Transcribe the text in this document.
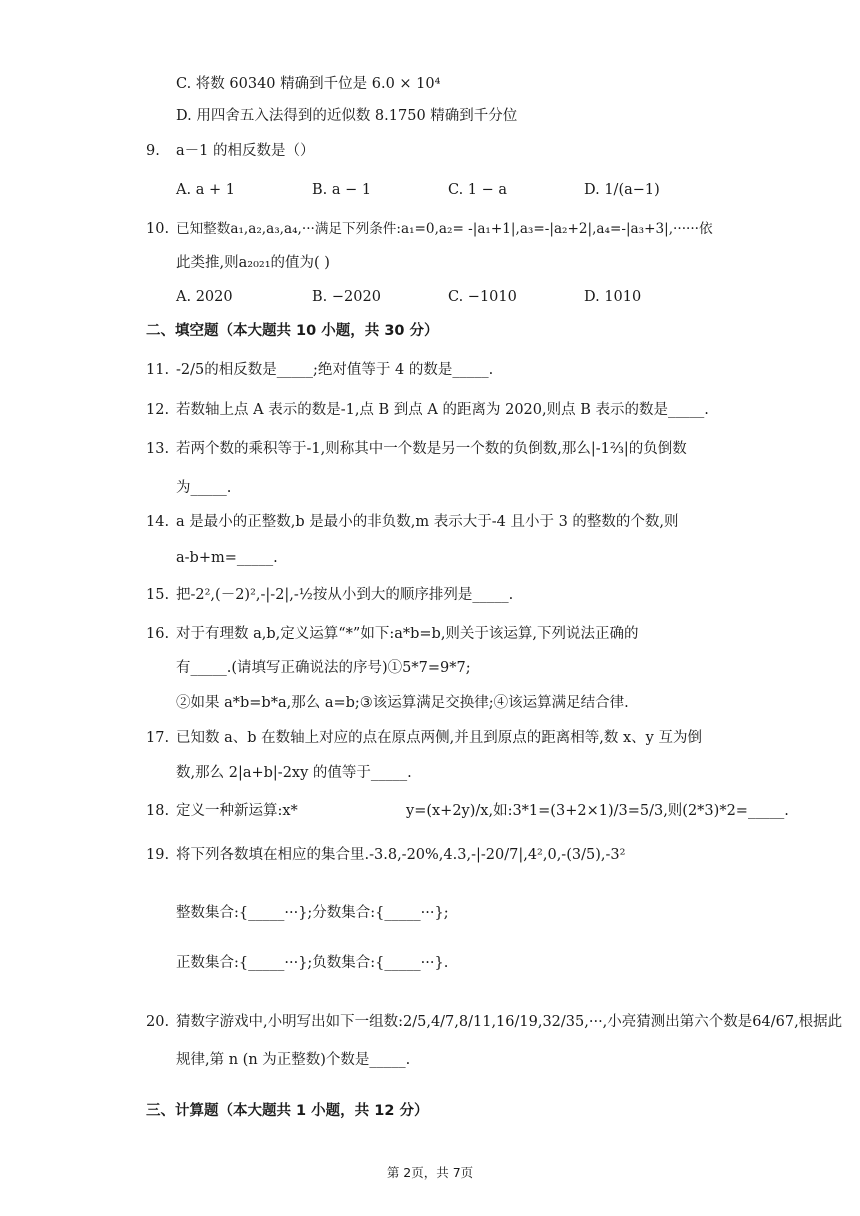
C. 将数 60340 精确到千位是 6.0 × 10⁴
D. 用四舍五入法得到的近似数 8.1750 精确到千分位
9. a－1 的相反数是（）
A. a + 1	B. a − 1	C. 1 − a	D. 1/(a−1)
10. 已知整数a₁,a₂,a₃,a₄,···满足下列条件:a₁=0,a₂= -|a₁+1|,a₃=-|a₂+2|,a₄=-|a₃+3|,······依
此类推,则a₂₀₂₁的值为( )
A. 2020	B. −2020	C. −1010	D. 1010
二、填空题（本大题共 10 小题，共 30 分）
11. -2/5的相反数是_____;绝对值等于 4 的数是_____.
12. 若数轴上点 A 表示的数是-1,点 B 到点 A 的距离为 2020,则点 B 表示的数是_____.
13. 若两个数的乘积等于-1,则称其中一个数是另一个数的负倒数,那么|-1⅔|的负倒数
为_____.
14. a 是最小的正整数,b 是最小的非负数,m 表示大于-4 且小于 3 的整数的个数,则
a-b+m=_____.
15. 把-2²,(－2)²,-|-2|,-½按从小到大的顺序排列是_____.
16. 对于有理数 a,b,定义运算“*”如下:a*b=b,则关于该运算,下列说法正确的
有_____.(请填写正确说法的序号)①5*7=9*7;
②如果 a*b=b*a,那么 a=b;③该运算满足交换律;④该运算满足结合律.
17. 已知数 a、b 在数轴上对应的点在原点两侧,并且到原点的距离相等,数 x、y 互为倒
数,那么 2|a+b|-2xy 的值等于_____.
18. 定义一种新运算:x*	y=(x+2y)/x,如:3*1=(3+2×1)/3=5/3,则(2*3)*2=_____.
19. 将下列各数填在相应的集合里.-3.8,-20%,4.3,-|-20/7|,4²,0,-(3/5),-3²
整数集合:{_____···};分数集合:{_____···};
正数集合:{_____···};负数集合:{_____···}.
20. 猜数字游戏中,小明写出如下一组数:2/5,4/7,8/11,16/19,32/35,···,小亮猜测出第六个数是64/67,根据此
规律,第 n (n 为正整数)个数是_____.
三、计算题（本大题共 1 小题，共 12 分）
第 2页，共 7页
